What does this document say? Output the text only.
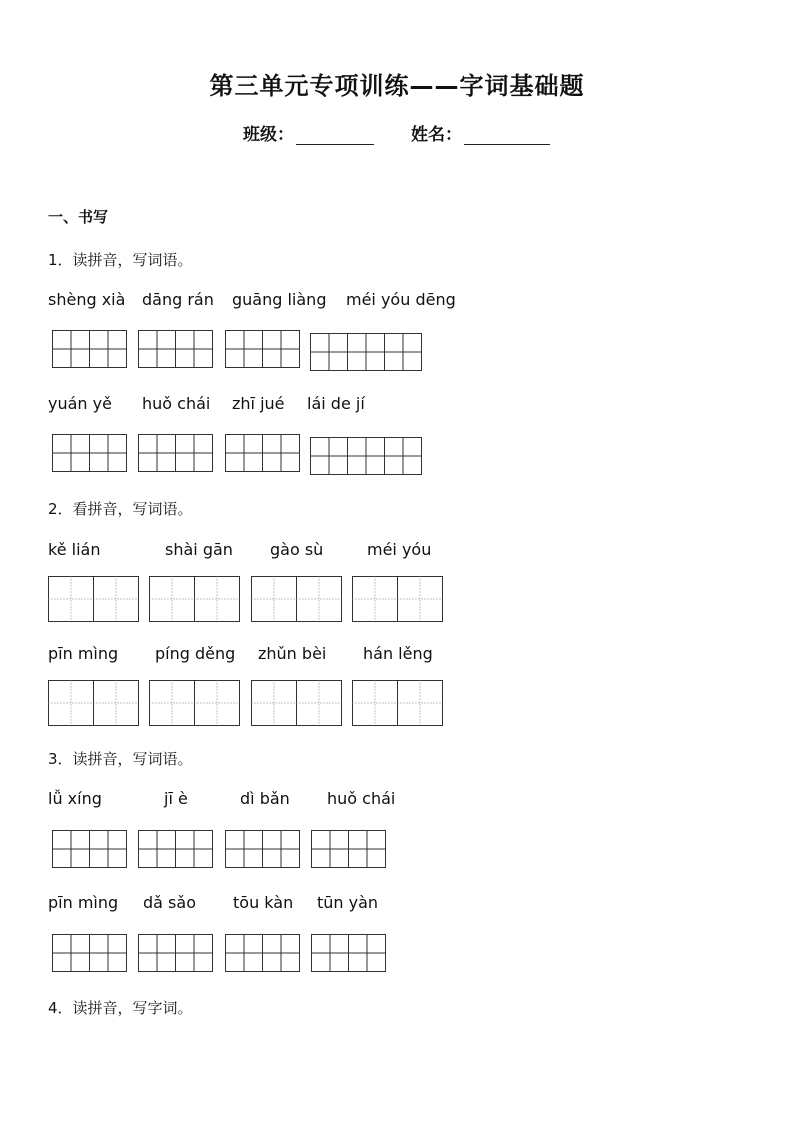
第三单元专项训练——字词基础题
班级：	姓名：
一、书写
1．读拼音，写词语。
shèng xià dāng rán guāng liàng méi yóu dēng
yuán yě huǒ chái zhī jué lái de jí
2．看拼音，写词语。
kě lián	shài gān gào sù	méi yóu
pīn mìng píng děng zhǔn bèi hán lěng
3．读拼音，写词语。
lǚ xíng	jī è	dì bǎn huǒ chái
pīn mìng dǎ sǎo tōu kàn tūn yàn
4．读拼音，写字词。
